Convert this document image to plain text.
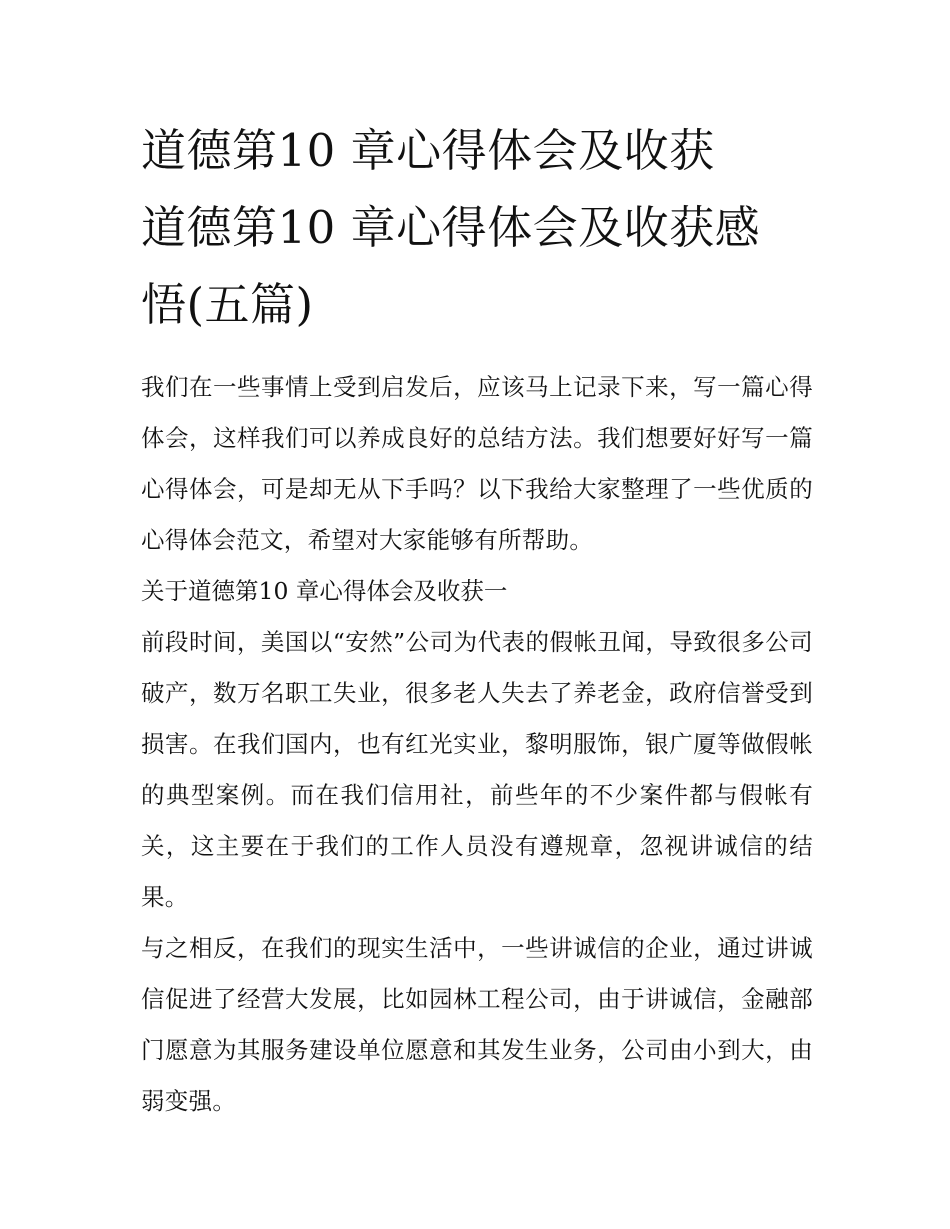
道德第10 章心得体会及收获
道德第10 章心得体会及收获感
悟(五篇)

我们在一些事情上受到启发后，应该马上记录下来，写一篇心得体会，这样我们可以养成良好的总结方法。我们想要好好写一篇心得体会，可是却无从下手吗？以下我给大家整理了一些优质的心得体会范文，希望对大家能够有所帮助。

关于道德第10 章心得体会及收获一

前段时间，美国以“安然”公司为代表的假帐丑闻，导致很多公司破产，数万名职工失业，很多老人失去了养老金，政府信誉受到损害。在我们国内，也有红光实业，黎明服饰，银广厦等做假帐的典型案例。而在我们信用社，前些年的不少案件都与假帐有关，这主要在于我们的工作人员没有遵规章，忽视讲诚信的结果。

与之相反，在我们的现实生活中，一些讲诚信的企业，通过讲诚信促进了经营大发展，比如园林工程公司，由于讲诚信，金融部门愿意为其服务建设单位愿意和其发生业务，公司由小到大，由弱变强。
